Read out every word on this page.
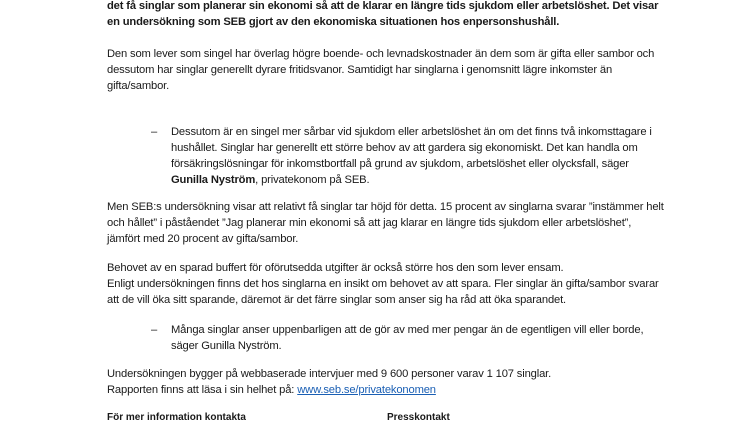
det få singlar som planerar sin ekonomi så att de klarar en längre tids sjukdom eller arbetslöshet. Det visar
en undersökning som SEB gjort av den ekonomiska situationen hos enpersonshushåll.
Den som lever som singel har överlag högre boende- och levnadskostnader än dem som är gifta eller sambor och
dessutom har singlar generellt dyrare fritidsvanor. Samtidigt har singlarna i genomsnitt lägre inkomster än
gifta/sambor.
– Dessutom är en singel mer sårbar vid sjukdom eller arbetslöshet än om det finns två inkomsttagare i
hushållet. Singlar har generellt ett större behov av att gardera sig ekonomiskt. Det kan handla om
försäkringslösningar för inkomstbortfall på grund av sjukdom, arbetslöshet eller olycksfall, säger
Gunilla Nyström, privatekonom på SEB.
Men SEB:s undersökning visar att relativt få singlar tar höjd för detta. 15 procent av singlarna svarar ”instämmer helt
och hållet” i påståendet ”Jag planerar min ekonomi så att jag klarar en längre tids sjukdom eller arbetslöshet”,
jämfört med 20 procent av gifta/sambor.
Behovet av en sparad buffert för oförutsedda utgifter är också större hos den som lever ensam.
Enligt undersökningen finns det hos singlarna en insikt om behovet av att spara. Fler singlar än gifta/sambor svarar
att de vill öka sitt sparande, däremot är det färre singlar som anser sig ha råd att öka sparandet.
– Många singlar anser uppenbarligen att de gör av med mer pengar än de egentligen vill eller borde,
säger Gunilla Nyström.
Undersökningen bygger på webbaserade intervjuer med 9 600 personer varav 1 107 singlar.
Rapporten finns att läsa i sin helhet på: www.seb.se/privatekonomen
För mer information kontakta	Presskontakt
